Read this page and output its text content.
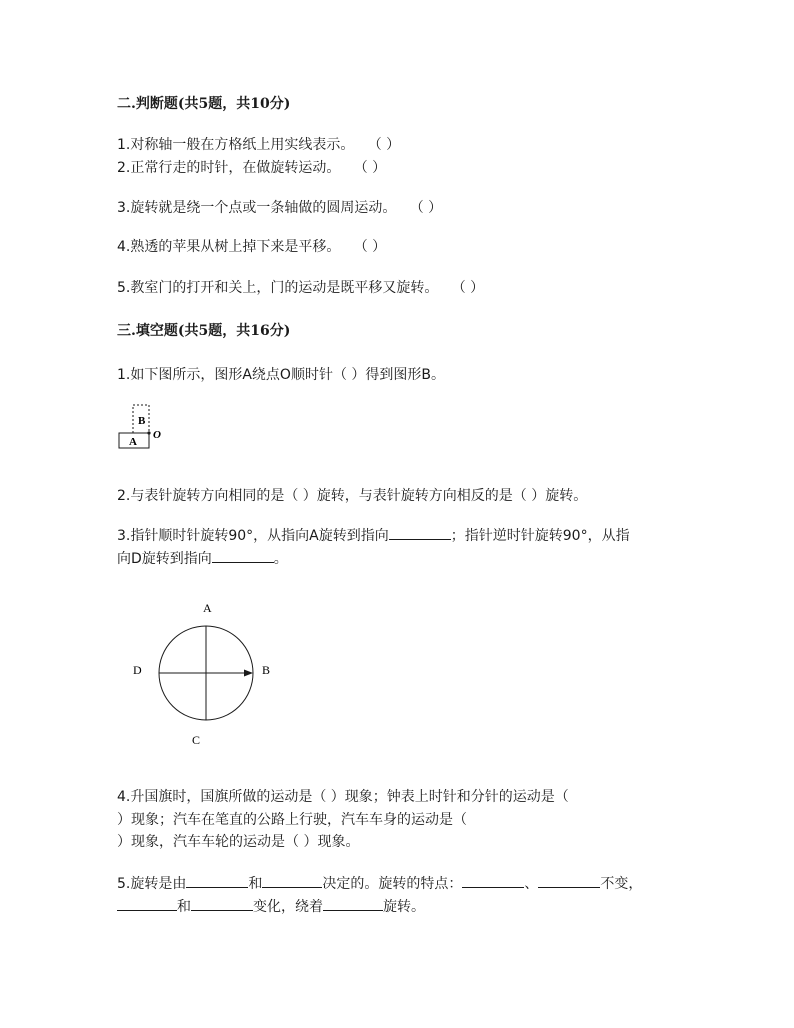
二.判断题(共5题，共10分)
1.对称轴一般在方格纸上用实线表示。   （ ）
2.正常行走的时针，在做旋转运动。   （ ）
3.旋转就是绕一个点或一条轴做的圆周运动。   （ ）
4.熟透的苹果从树上掉下来是平移。   （ ）
5.教室门的打开和关上，门的运动是既平移又旋转。   （ ）
三.填空题(共5题，共16分)
1.如下图所示，图形A绕点O顺时针（ ）得到图形B。
B
A
O
2.与表针旋转方向相同的是（ ）旋转，与表针旋转方向相反的是（ ）旋转。
3.指针顺时针旋转90°，从指向A旋转到指向	；指针逆时针旋转90°，从指
向D旋转到指向	。
A
B
C
D
4.升国旗时，国旗所做的运动是（ ）现象；钟表上时针和分针的运动是（
）现象；汽车在笔直的公路上行驶，汽车车身的运动是（
）现象，汽车车轮的运动是（ ）现象。
5.旋转是由	和	决定的。旋转的特点：	、	不变，
和	变化，绕着	旋转。
